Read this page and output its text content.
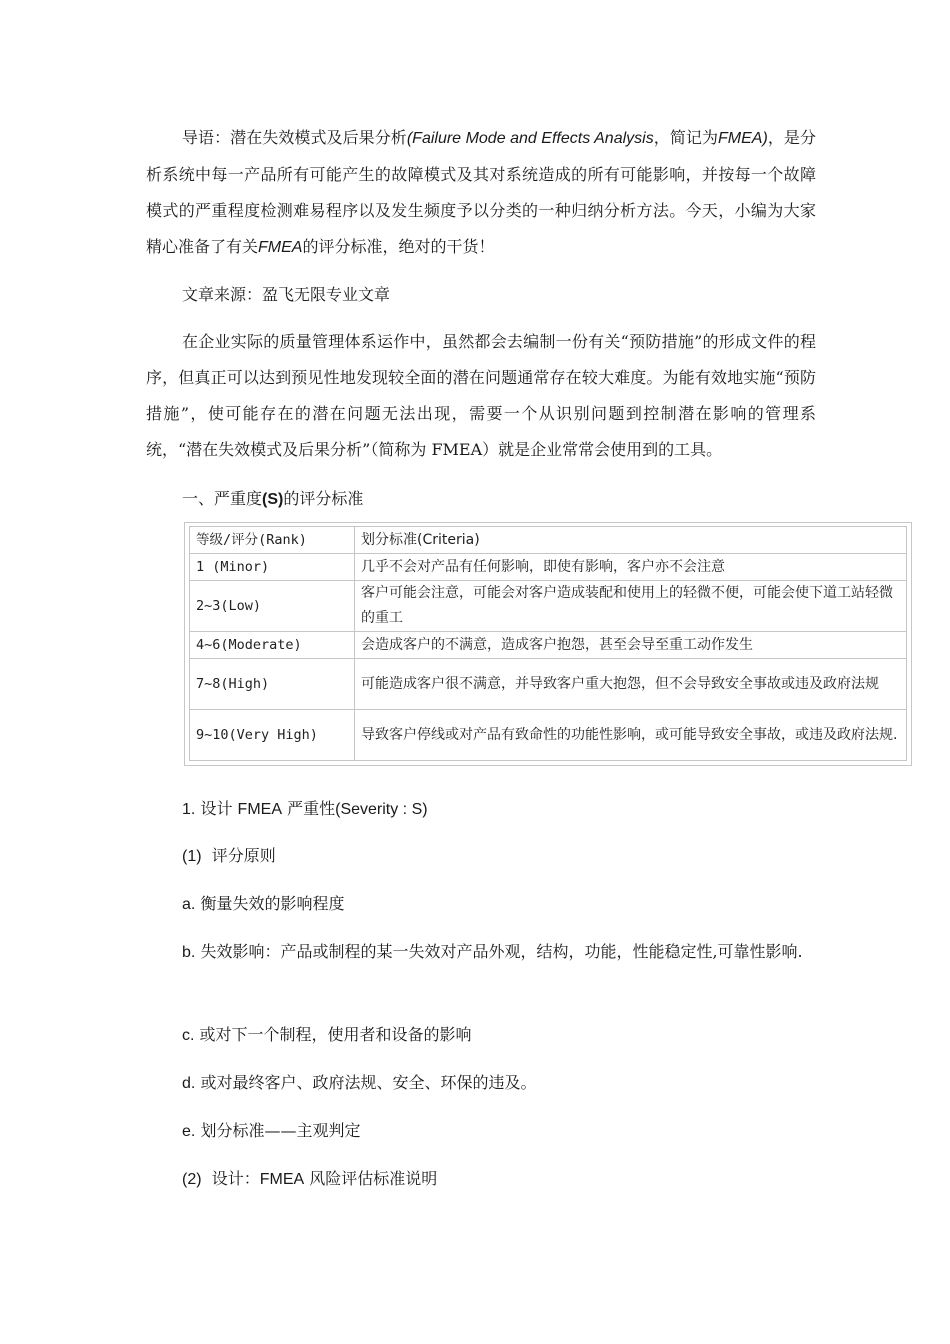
导语：潜在失效模式及后果分析(Failure Mode and Effects Analysis，简记为FMEA)，是分析系统中每一产品所有可能产生的故障模式及其对系统造成的所有可能影响，并按每一个故障模式的严重程度检测难易程序以及发生频度予以分类的一种归纳分析方法。今天，小编为大家精心准备了有关FMEA的评分标准，绝对的干货！

文章来源：盈飞无限专业文章

在企业实际的质量管理体系运作中，虽然都会去编制一份有关“预防措施”的形成文件的程序，但真正可以达到预见性地发现较全面的潜在问题通常存在较大难度。为能有效地实施“预防措施”，使可能存在的潜在问题无法出现，需要一个从识别问题到控制潜在影响的管理系统，“潜在失效模式及后果分析”（简称为 FMEA）就是企业常常会使用到的工具。

一、严重度(S)的评分标准
等级/评分(Rank)	划分标准(Criteria)
1 (Minor)	几乎不会对产品有任何影响，即使有影响，客户亦不会注意
2~3(Low)	客户可能会注意，可能会对客户造成装配和使用上的轻微不便，可能会使下道工站轻微的重工
4~6(Moderate)	会造成客户的不满意，造成客户抱怨，甚至会导至重工动作发生
7~8(High)	可能造成客户很不满意，并导致客户重大抱怨，但不会导致安全事故或违及政府法规
9~10(Very High)	导致客户停线或对产品有致命性的功能性影响，或可能导致安全事故，或违及政府法规.
1. 设计 FMEA 严重性(Severity : S)
(1) 评分原则
a. 衡量失效的影响程度
b. 失效影响：产品或制程的某一失效对产品外观，结构，功能，性能稳定性,可靠性影响.
c. 或对下一个制程，使用者和设备的影响
d. 或对最终客户、政府法规、安全、环保的违及。
e. 划分标准——主观判定
(2) 设计：FMEA 风险评估标准说明
